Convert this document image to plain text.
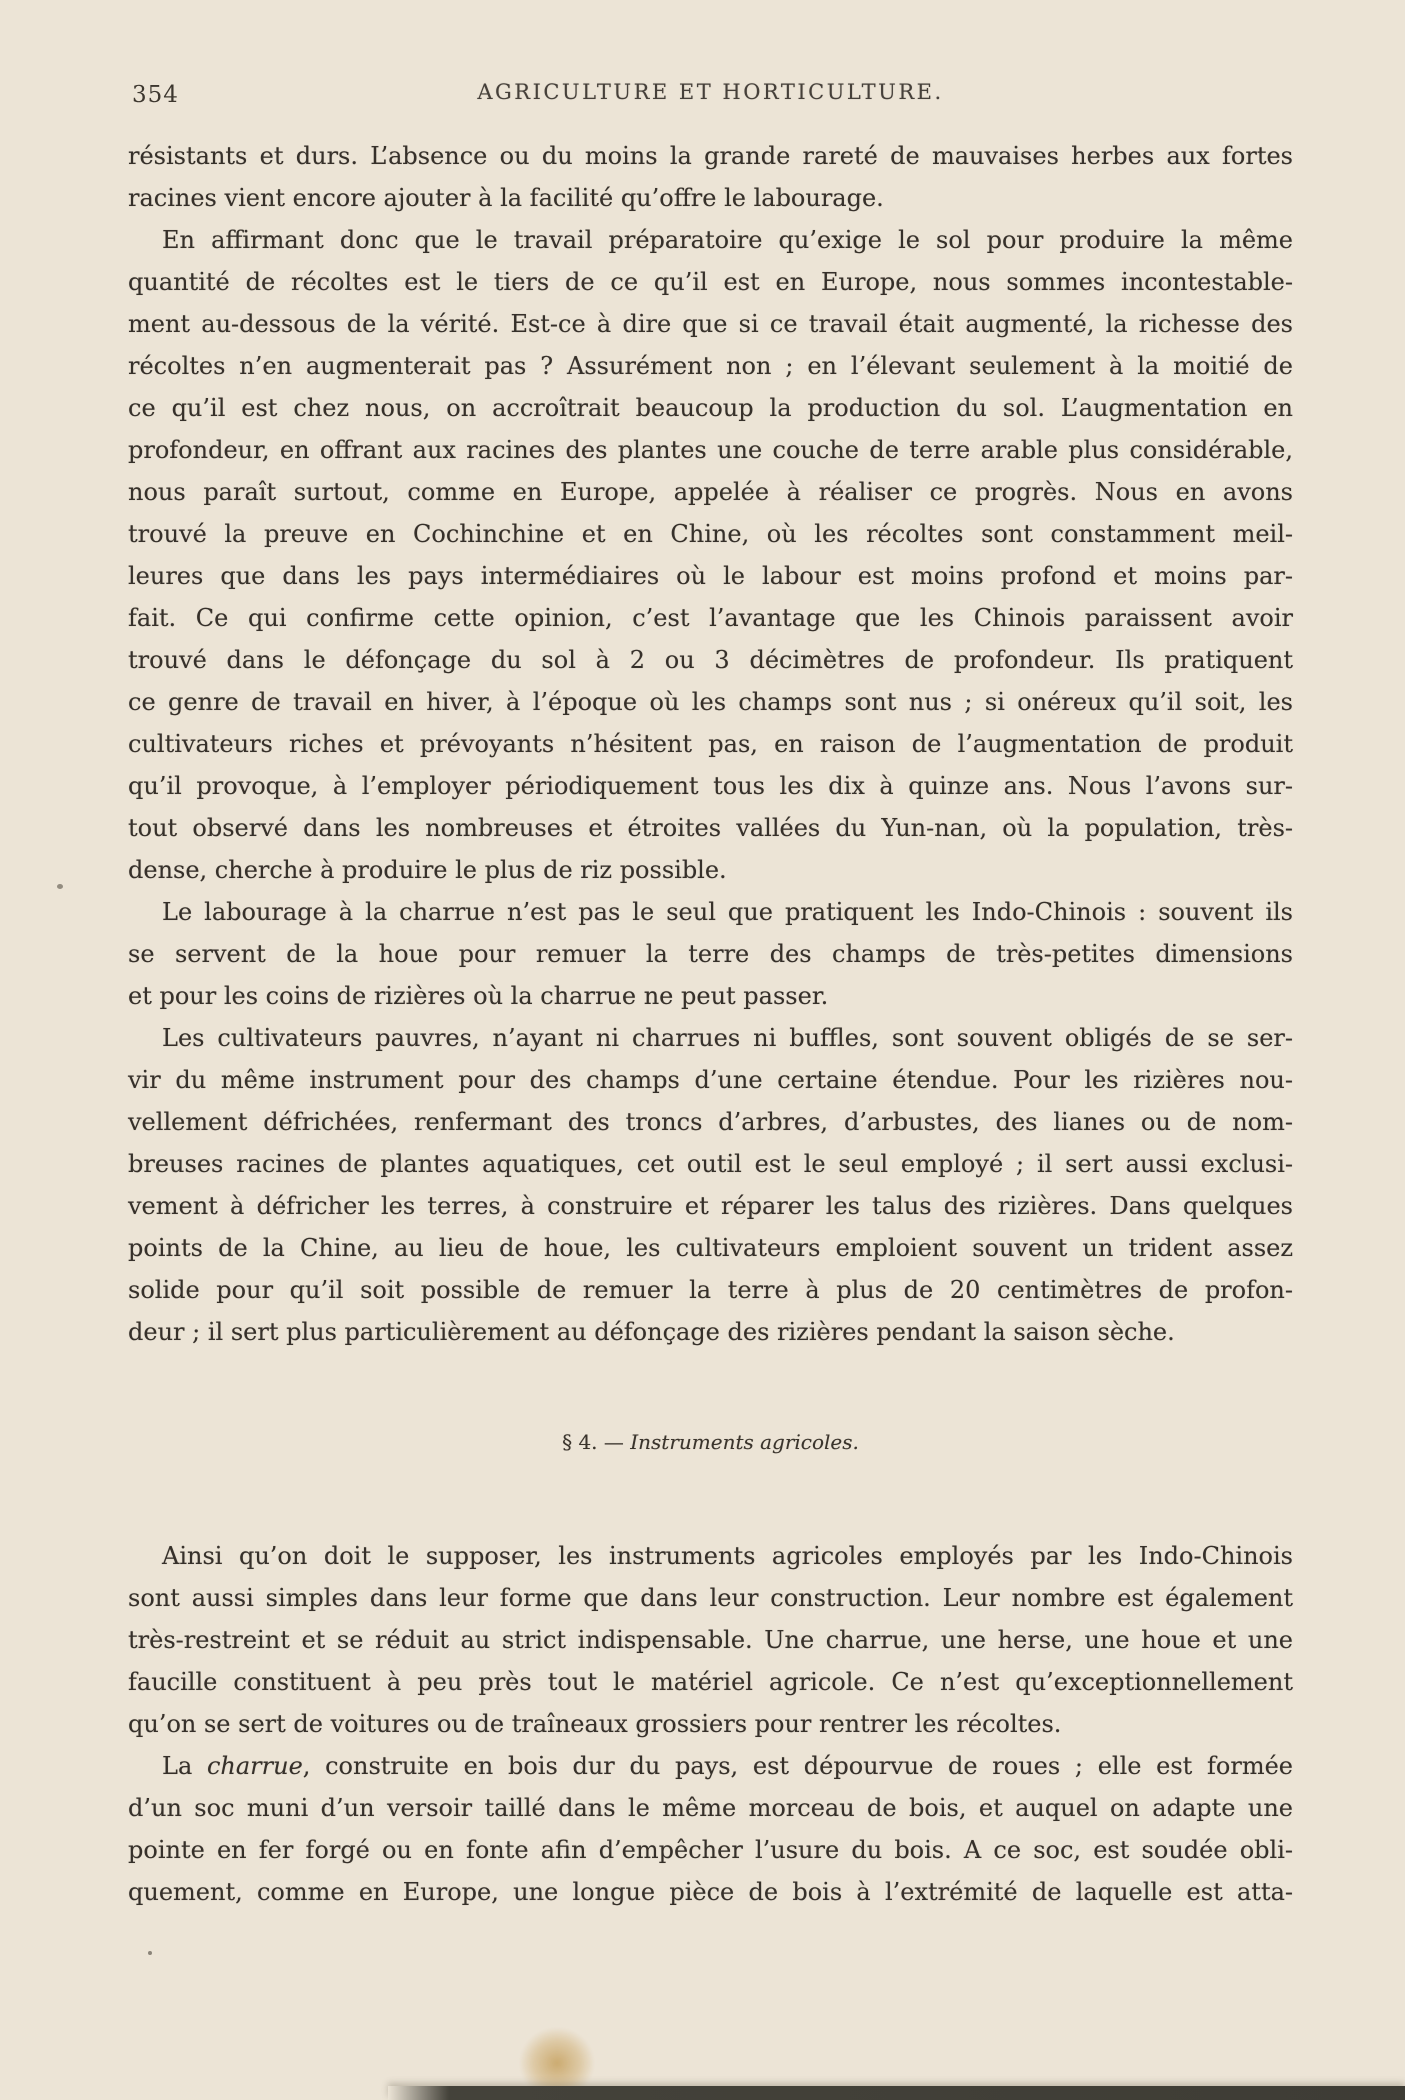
354	AGRICULTURE ET HORTICULTURE.
résistants et durs. L’absence ou du moins la grande rareté de mauvaises herbes aux fortes
racines vient encore ajouter à la facilité qu’offre le labourage.
En affirmant donc que le travail préparatoire qu’exige le sol pour produire la même
quantité de récoltes est le tiers de ce qu’il est en Europe, nous sommes incontestable-
ment au-dessous de la vérité. Est-ce à dire que si ce travail était augmenté, la richesse des
récoltes n’en augmenterait pas ? Assurément non ; en l’élevant seulement à la moitié de
ce qu’il est chez nous, on accroîtrait beaucoup la production du sol. L’augmentation en
profondeur, en offrant aux racines des plantes une couche de terre arable plus considérable,
nous paraît surtout, comme en Europe, appelée à réaliser ce progrès. Nous en avons
trouvé la preuve en Cochinchine et en Chine, où les récoltes sont constamment meil-
leures que dans les pays intermédiaires où le labour est moins profond et moins par-
fait. Ce qui confirme cette opinion, c’est l’avantage que les Chinois paraissent avoir
trouvé dans le défonçage du sol à 2 ou 3 décimètres de profondeur. Ils pratiquent
ce genre de travail en hiver, à l’époque où les champs sont nus ; si onéreux qu’il soit, les
cultivateurs riches et prévoyants n’hésitent pas, en raison de l’augmentation de produit
qu’il provoque, à l’employer périodiquement tous les dix à quinze ans. Nous l’avons sur-
tout observé dans les nombreuses et étroites vallées du Yun-nan, où la population, très-
dense, cherche à produire le plus de riz possible.
Le labourage à la charrue n’est pas le seul que pratiquent les Indo-Chinois : souvent ils
se servent de la houe pour remuer la terre des champs de très-petites dimensions
et pour les coins de rizières où la charrue ne peut passer.
Les cultivateurs pauvres, n’ayant ni charrues ni buffles, sont souvent obligés de se ser-
vir du même instrument pour des champs d’une certaine étendue. Pour les rizières nou-
vellement défrichées, renfermant des troncs d’arbres, d’arbustes, des lianes ou de nom-
breuses racines de plantes aquatiques, cet outil est le seul employé ; il sert aussi exclusi-
vement à défricher les terres, à construire et réparer les talus des rizières. Dans quelques
points de la Chine, au lieu de houe, les cultivateurs emploient souvent un trident assez
solide pour qu’il soit possible de remuer la terre à plus de 20 centimètres de profon-
deur ; il sert plus particulièrement au défonçage des rizières pendant la saison sèche.
§ 4. — Instruments agricoles.
Ainsi qu’on doit le supposer, les instruments agricoles employés par les Indo-Chinois
sont aussi simples dans leur forme que dans leur construction. Leur nombre est également
très-restreint et se réduit au strict indispensable. Une charrue, une herse, une houe et une
faucille constituent à peu près tout le matériel agricole. Ce n’est qu’exceptionnellement
qu’on se sert de voitures ou de traîneaux grossiers pour rentrer les récoltes.
La charrue, construite en bois dur du pays, est dépourvue de roues ; elle est formée
d’un soc muni d’un versoir taillé dans le même morceau de bois, et auquel on adapte une
pointe en fer forgé ou en fonte afin d’empêcher l’usure du bois. A ce soc, est soudée obli-
quement, comme en Europe, une longue pièce de bois à l’extrémité de laquelle est atta-
